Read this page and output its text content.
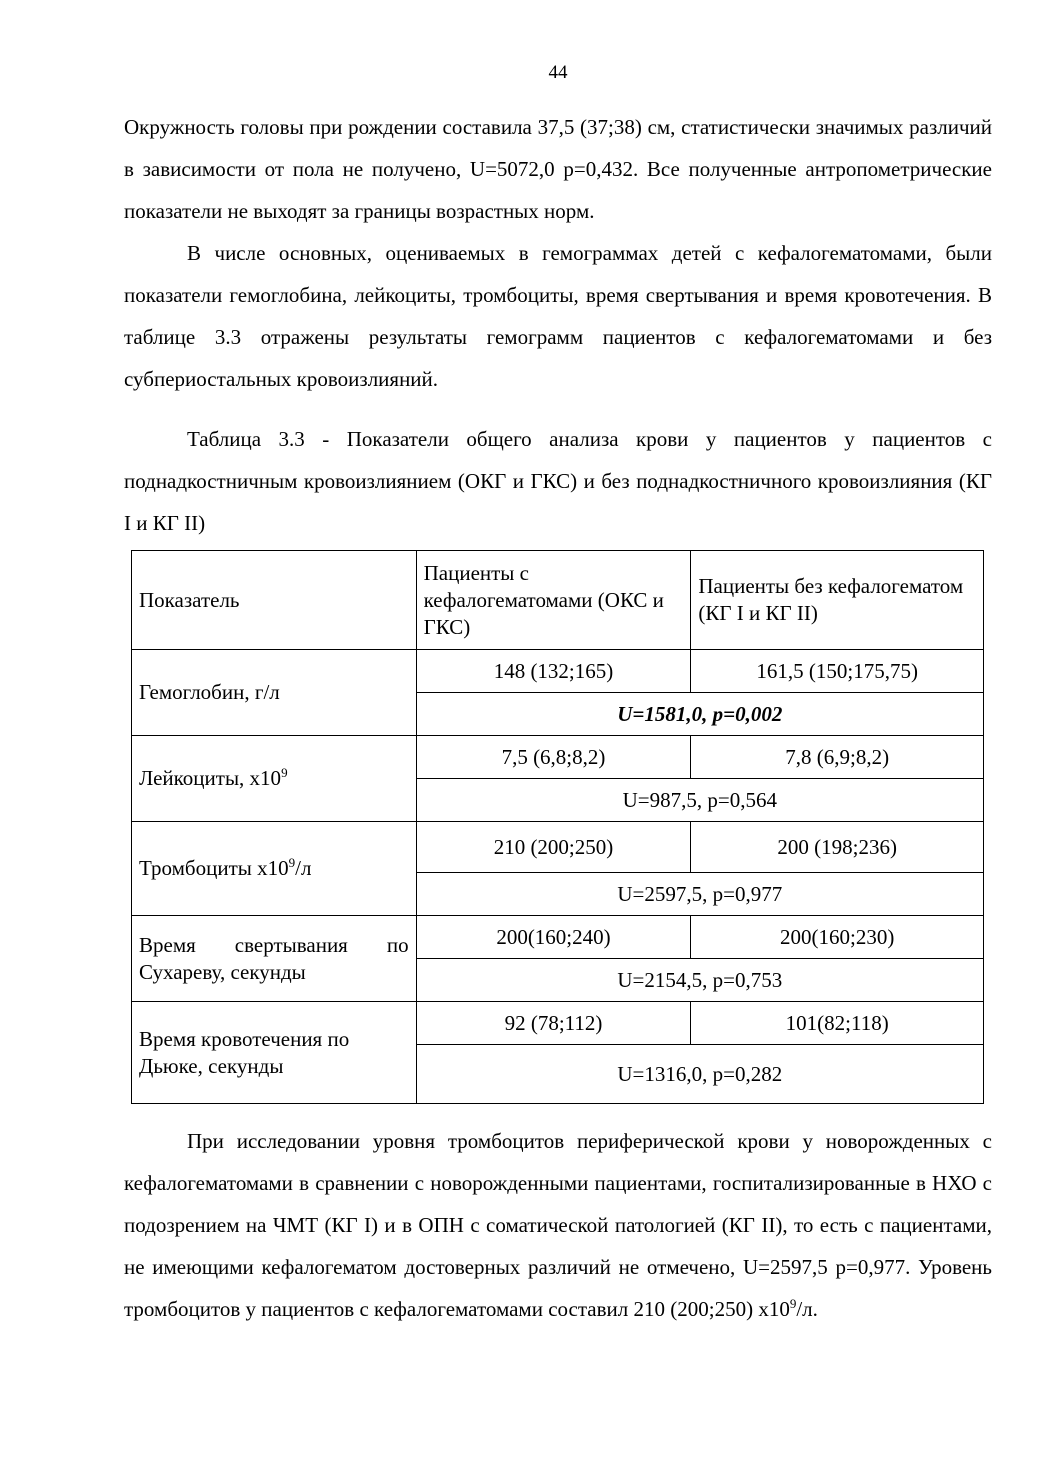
44

Окружность головы при рождении составила 37,5 (37;38) см, статистически значимых различий в зависимости от пола не получено, U=5072,0 p=0,432. Все полученные антропометрические показатели не выходят за границы возрастных норм.

В числе основных, оцениваемых в гемограммах детей с кефалогематомами, были показатели гемоглобина, лейкоциты, тромбоциты, время свертывания и время кровотечения. В таблице 3.3 отражены результаты гемограмм пациентов с кефалогематомами и без субпериостальных кровоизлияний.

Таблица 3.3 - Показатели общего анализа крови у пациентов у пациентов с поднадкостничным кровоизлиянием (ОКГ и ГКС) и без поднадкостничного кровоизлияния (КГ I и КГ II)

Показатель	Пациенты с кефалогематомами (ОКС и ГКС)	Пациенты без кефалогематом (КГ I и КГ II)
Гемоглобин, г/л	148 (132;165)	161,5 (150;175,75)
	U=1581,0, p=0,002	
Лейкоциты, $х10^9$	7,5 (6,8;8,2)	7,8 (6,9;8,2)
	U=987,5, p=0,564	
Тромбоциты $х10^9/л$	210 (200;250)	200 (198;236)
	U=2597,5, p=0,977	

Время свертывания по
Сухареву, секунды	200(160;240)	200(160;230)
	U=2154,5, p=0,753	

Время кровотечения по
Дьюке, секунды	92 (78;112)	101(82;118)
	U=1316,0, p=0,282	

При исследовании уровня тромбоцитов периферической крови у новорожденных с кефалогематомами в сравнении с новорожденными пациентами, госпитализированные в НХО с подозрением на ЧМТ (КГ I) и в ОПН с соматической патологией (КГ II), то есть с пациентами, не имеющими кефалогематом достоверных различий не отмечено, U=2597,5 p=0,977. Уровень тромбоцитов у пациентов с кефалогематомами составил 210 (200;250) $х10^9/л$.
